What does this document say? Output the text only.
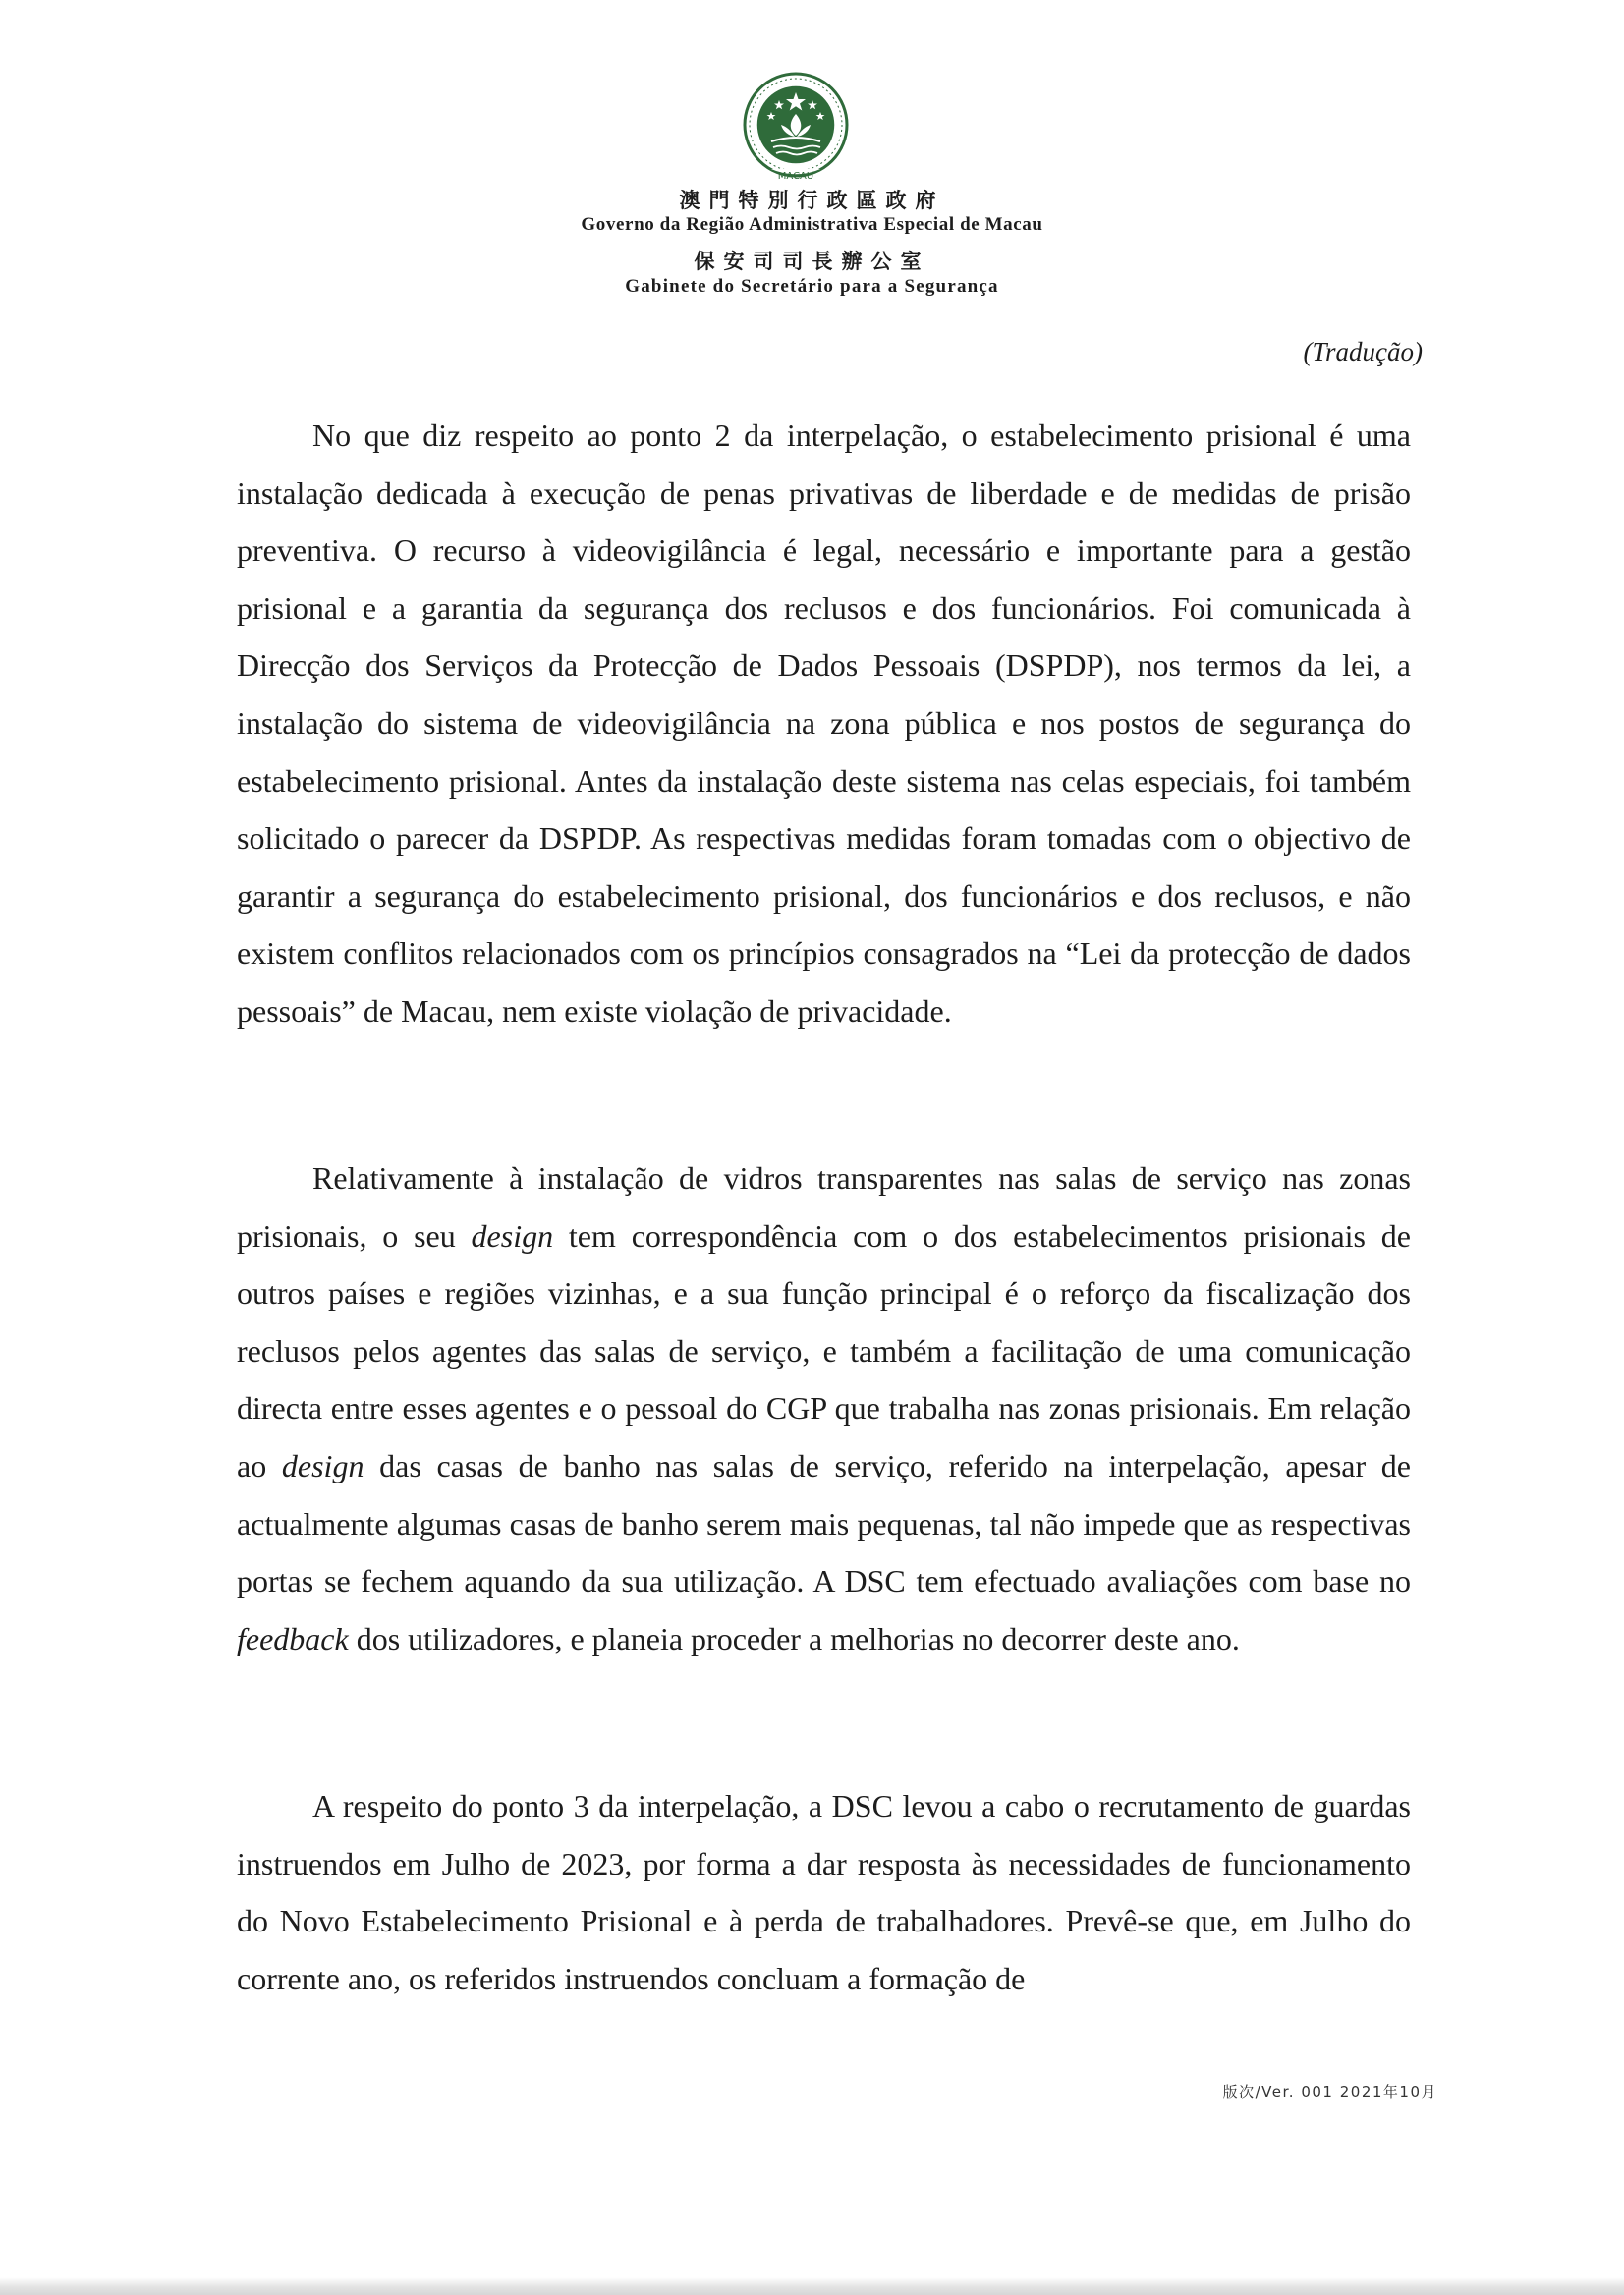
MACAU
澳門特別行政區政府
Governo da Região Administrativa Especial de Macau
保安司司長辦公室
Gabinete do Secretário para a Segurança
(Tradução)

No que diz respeito ao ponto 2 da interpelação, o estabelecimento prisional é uma instalação dedicada à execução de penas privativas de liberdade e de medidas de prisão preventiva. O recurso à videovigilância é legal, necessário e importante para a gestão prisional e a garantia da segurança dos reclusos e dos funcionários. Foi comunicada à Direcção dos Serviços da Protecção de Dados Pessoais (DSPDP), nos termos da lei, a instalação do sistema de videovigilância na zona pública e nos postos de segurança do estabelecimento prisional. Antes da instalação deste sistema nas celas especiais, foi também solicitado o parecer da DSPDP. As respectivas medidas foram tomadas com o objectivo de garantir a segurança do estabelecimento prisional, dos funcionários e dos reclusos, e não existem conflitos relacionados com os princípios consagrados na “Lei da protecção de dados pessoais” de Macau, nem existe violação de privacidade.

Relativamente à instalação de vidros transparentes nas salas de serviço nas zonas prisionais, o seu design tem correspondência com o dos estabelecimentos prisionais de outros países e regiões vizinhas, e a sua função principal é o reforço da fiscalização dos reclusos pelos agentes das salas de serviço, e também a facilitação de uma comunicação directa entre esses agentes e o pessoal do CGP que trabalha nas zonas prisionais. Em relação ao design das casas de banho nas salas de serviço, referido na interpelação, apesar de actualmente algumas casas de banho serem mais pequenas, tal não impede que as respectivas portas se fechem aquando da sua utilização. A DSC tem efectuado avaliações com base no feedback dos utilizadores, e planeia proceder a melhorias no decorrer deste ano.

A respeito do ponto 3 da interpelação, a DSC levou a cabo o recrutamento de guardas instruendos em Julho de 2023, por forma a dar resposta às necessidades de funcionamento do Novo Estabelecimento Prisional e à perda de trabalhadores. Prevê-se que, em Julho do corrente ano, os referidos instruendos concluam a formação de

版次/Ver. 001 2021年10月
